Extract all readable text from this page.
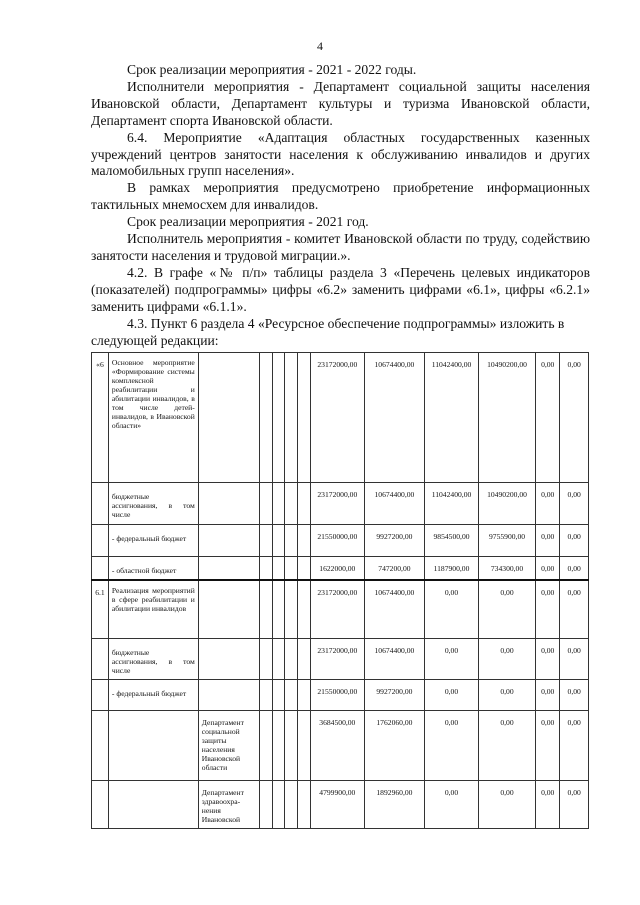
4

Срок реализации мероприятия - 2021 - 2022 годы.

Исполнители мероприятия - Департамент социальной защиты населения Ивановской области, Департамент культуры и туризма Ивановской области, Департамент спорта Ивановской области.

6.4. Мероприятие «Адаптация областных государственных казенных учреждений центров занятости населения к обслуживанию инвалидов и других маломобильных групп населения».

В рамках мероприятия предусмотрено приобретение информационных тактильных мнемосхем для инвалидов.

Срок реализации мероприятия - 2021 год.

Исполнитель мероприятия - комитет Ивановской области по труду, содействию занятости населения и трудовой миграции.».

4.2. В графе «№ п/п» таблицы раздела 3 «Перечень целевых индикаторов (показателей) подпрограммы» цифры «6.2» заменить цифрами «6.1», цифры «6.2.1» заменить цифрами «6.1.1».

4.3. Пункт 6 раздела 4 «Ресурсное обеспечение подпрограммы» изложить в следующей редакции:

«6	Основное мероприятие «Формирование системы комплексной реабилитации и абилитации инвалидов, в том числе детей-инвалидов, в Ивановской области»						23172000,00	10674400,00	11042400,00	10490200,00	0,00	0,00
	бюджетные ассигнования, в том числе						23172000,00	10674400,00	11042400,00	10490200,00	0,00	0,00
	- федеральный бюджет						21550000,00	9927200,00	9854500,00	9755900,00	0,00	0,00
	- областной бюджет						1622000,00	747200,00	1187900,00	734300,00	0,00	0,00
6.1	Реализация мероприятий в сфере реабилитации и абилитации инвалидов						23172000,00	10674400,00	0,00	0,00	0,00	0,00
	бюджетные ассигнования, в том числе						23172000,00	10674400,00	0,00	0,00	0,00	0,00
	- федеральный бюджет						21550000,00	9927200,00	0,00	0,00	0,00	0,00
		Департамент социальной защиты населения Ивановской области					3684500,00	1762060,00	0,00	0,00	0,00	0,00
		Департамент здравоохра-нения Ивановской					4799900,00	1892960,00	0,00	0,00	0,00	0,00
